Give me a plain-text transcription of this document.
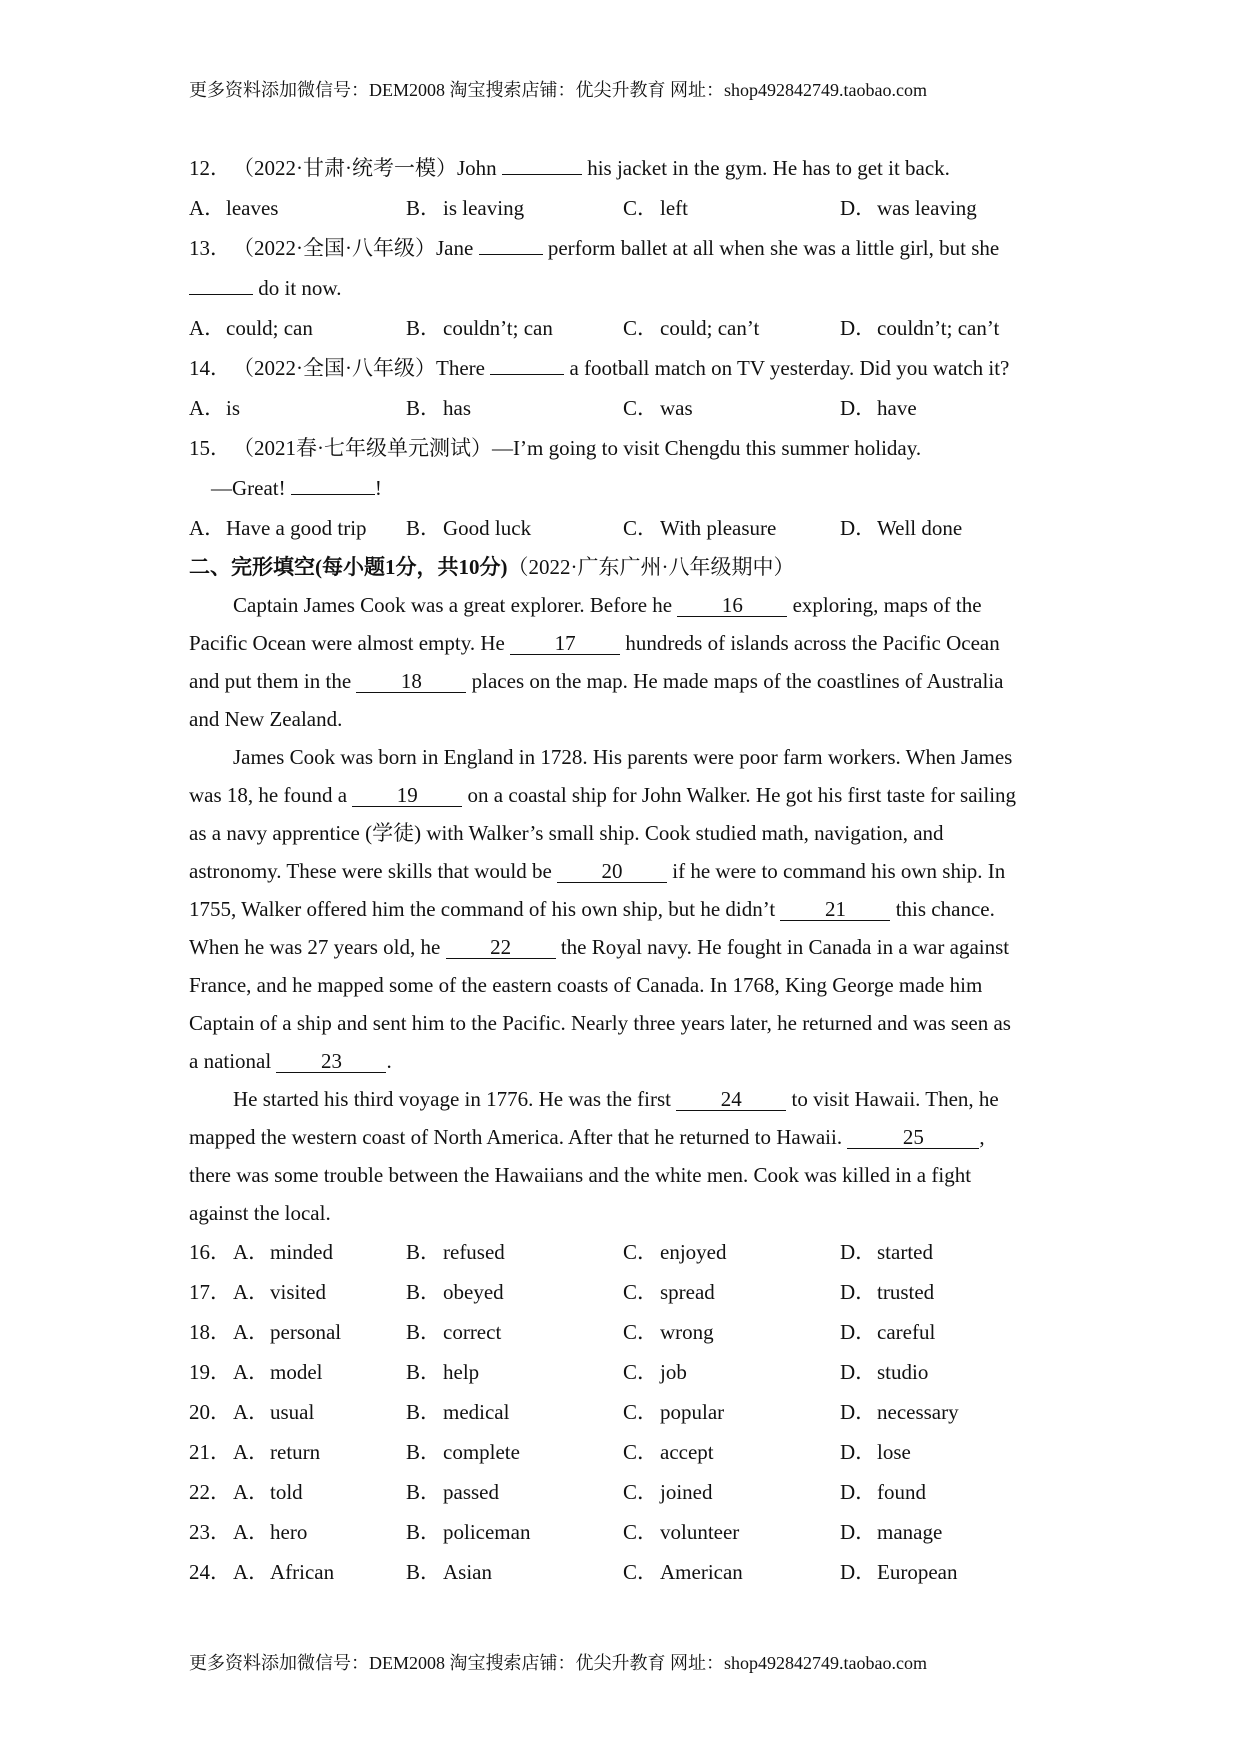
更多资料添加微信号：DEM2008 淘宝搜索店铺：优尖升教育 网址：shop492842749.taobao.com
12．（2022·甘肃·统考一模）John	his jacket in the gym. He has to get it back.
A．leaves	B．is leaving	C．left	D．was leaving
13．（2022·全国·八年级）Jane	perform ballet at all when she was a little girl, but she
do it now.
A．could; can	B．couldn’t; can	C．could; can’t	D．couldn’t; can’t
14．（2022·全国·八年级）There	a football match on TV yesterday. Did you watch it?
A．is	B．has	C．was	D．have
15．（2021春·七年级单元测试）—I’m going to visit Chengdu this summer holiday.
—Great!	!
A．Have a good trip	B．Good luck	C．With pleasure	D．Well done
二、完形填空(每小题1分，共10分)（2022·广东广州·八年级期中）
Captain James Cook was a great explorer. Before he 16 exploring, maps of the
Pacific Ocean were almost empty. He 17 hundreds of islands across the Pacific Ocean
and put them in the 18 places on the map. He made maps of the coastlines of Australia
and New Zealand.
James Cook was born in England in 1728. His parents were poor farm workers. When James
was 18, he found a 19 on a coastal ship for John Walker. He got his first taste for sailing
as a navy apprentice (学徒) with Walker’s small ship. Cook studied math, navigation, and
astronomy. These were skills that would be 20 if he were to command his own ship. In
1755, Walker offered him the command of his own ship, but he didn’t 21 this chance.
When he was 27 years old, he 22 the Royal navy. He fought in Canada in a war against
France, and he mapped some of the eastern coasts of Canada. In 1768, King George made him
Captain of a ship and sent him to the Pacific. Nearly three years later, he returned and was seen as
a national 23 .
He started his third voyage in 1776. He was the first 24 to visit Hawaii. Then, he
mapped the western coast of North America. After that he returned to Hawaii.	25	,
there was some trouble between the Hawaiians and the white men. Cook was killed in a fight
against the local.
16． A．minded	B．refused	C．enjoyed	D．started
17． A．visited	B．obeyed	C．spread	D．trusted
18． A．personal	B．correct	C．wrong	D．careful
19． A．model	B．help	C．job	D．studio
20． A．usual	B．medical	C．popular	D．necessary
21． A．return	B．complete	C．accept	D．lose
22． A．told	B．passed	C．joined	D．found
23． A．hero	B．policeman	C．volunteer	D．manage
24． A．African	B．Asian	C．American	D．European
更多资料添加微信号：DEM2008 淘宝搜索店铺：优尖升教育 网址：shop492842749.taobao.com
